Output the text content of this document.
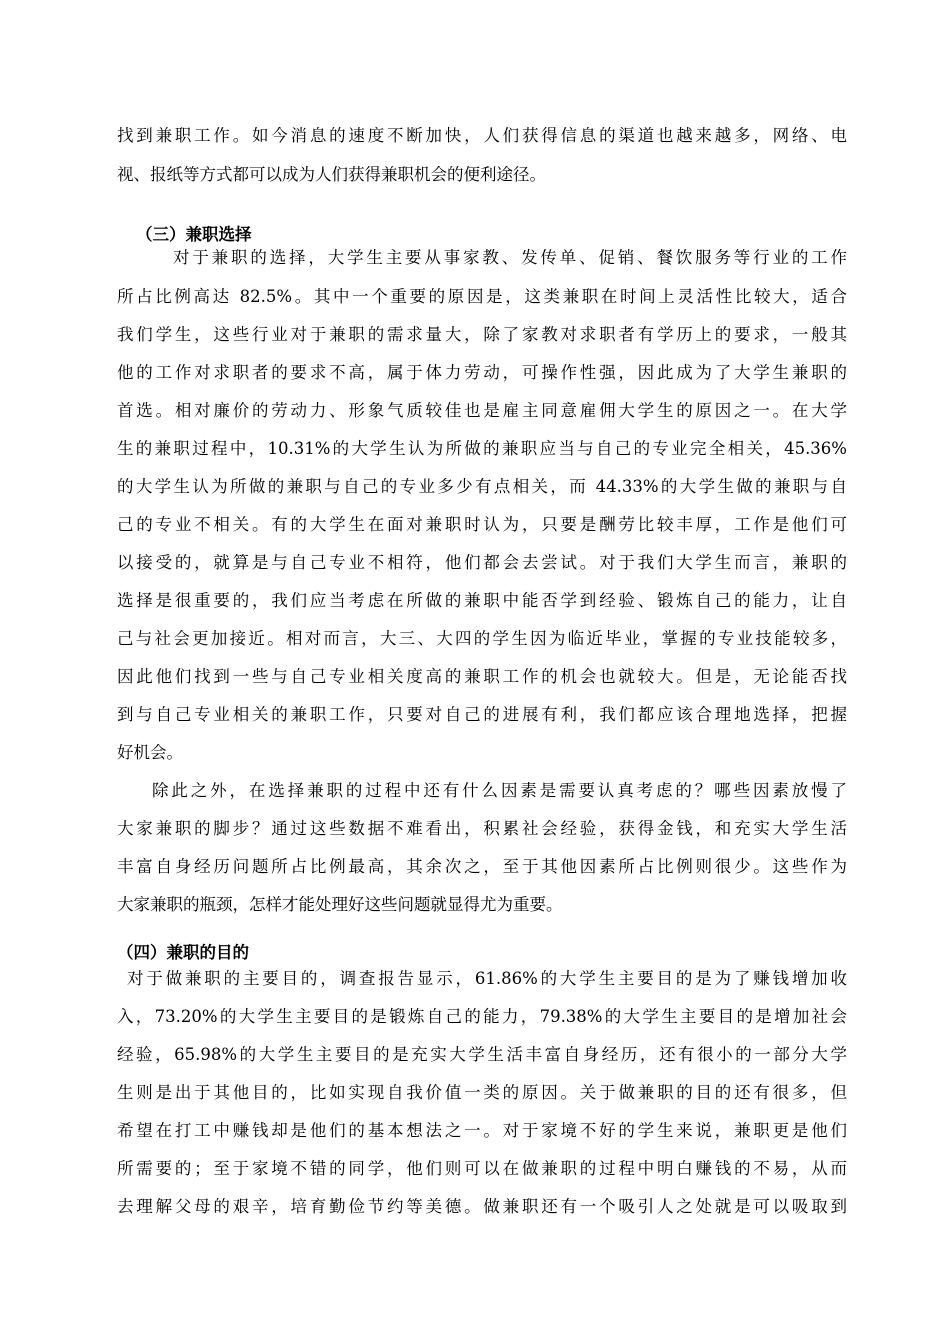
找到兼职工作。如今消息的速度不断加快，人们获得信息的渠道也越来越多，网络、电
视、报纸等方式都可以成为人们获得兼职机会的便利途径。
（三）兼职选择
对于兼职的选择，大学生主要从事家教、发传单、促销、餐饮服务等行业的工作
所占比例高达 82.5%。其中一个重要的原因是，这类兼职在时间上灵活性比较大，适合
我们学生，这些行业对于兼职的需求量大，除了家教对求职者有学历上的要求，一般其
他的工作对求职者的要求不高，属于体力劳动，可操作性强，因此成为了大学生兼职的
首选。相对廉价的劳动力、形象气质较佳也是雇主同意雇佣大学生的原因之一。在大学
生的兼职过程中，10.31%的大学生认为所做的兼职应当与自己的专业完全相关，45.36%
的大学生认为所做的兼职与自己的专业多少有点相关，而 44.33%的大学生做的兼职与自
己的专业不相关。有的大学生在面对兼职时认为，只要是酬劳比较丰厚，工作是他们可
以接受的，就算是与自己专业不相符，他们都会去尝试。对于我们大学生而言，兼职的
选择是很重要的，我们应当考虑在所做的兼职中能否学到经验、锻炼自己的能力，让自
己与社会更加接近。相对而言，大三、大四的学生因为临近毕业，掌握的专业技能较多，
因此他们找到一些与自己专业相关度高的兼职工作的机会也就较大。但是，无论能否找
到与自己专业相关的兼职工作，只要对自己的进展有利，我们都应该合理地选择，把握
好机会。
除此之外，在选择兼职的过程中还有什么因素是需要认真考虑的？哪些因素放慢了
大家兼职的脚步？通过这些数据不难看出，积累社会经验，获得金钱，和充实大学生活
丰富自身经历问题所占比例最高，其余次之，至于其他因素所占比例则很少。这些作为
大家兼职的瓶颈，怎样才能处理好这些问题就显得尤为重要。
（四）兼职的目的
对于做兼职的主要目的，调查报告显示，61.86%的大学生主要目的是为了赚钱增加收
入，73.20%的大学生主要目的是锻炼自己的能力，79.38%的大学生主要目的是增加社会
经验，65.98%的大学生主要目的是充实大学生活丰富自身经历，还有很小的一部分大学
生则是出于其他目的，比如实现自我价值一类的原因。关于做兼职的目的还有很多，但
希望在打工中赚钱却是他们的基本想法之一。对于家境不好的学生来说，兼职更是他们
所需要的；至于家境不错的同学，他们则可以在做兼职的过程中明白赚钱的不易，从而
去理解父母的艰辛，培育勤俭节约等美德。做兼职还有一个吸引人之处就是可以吸取到
